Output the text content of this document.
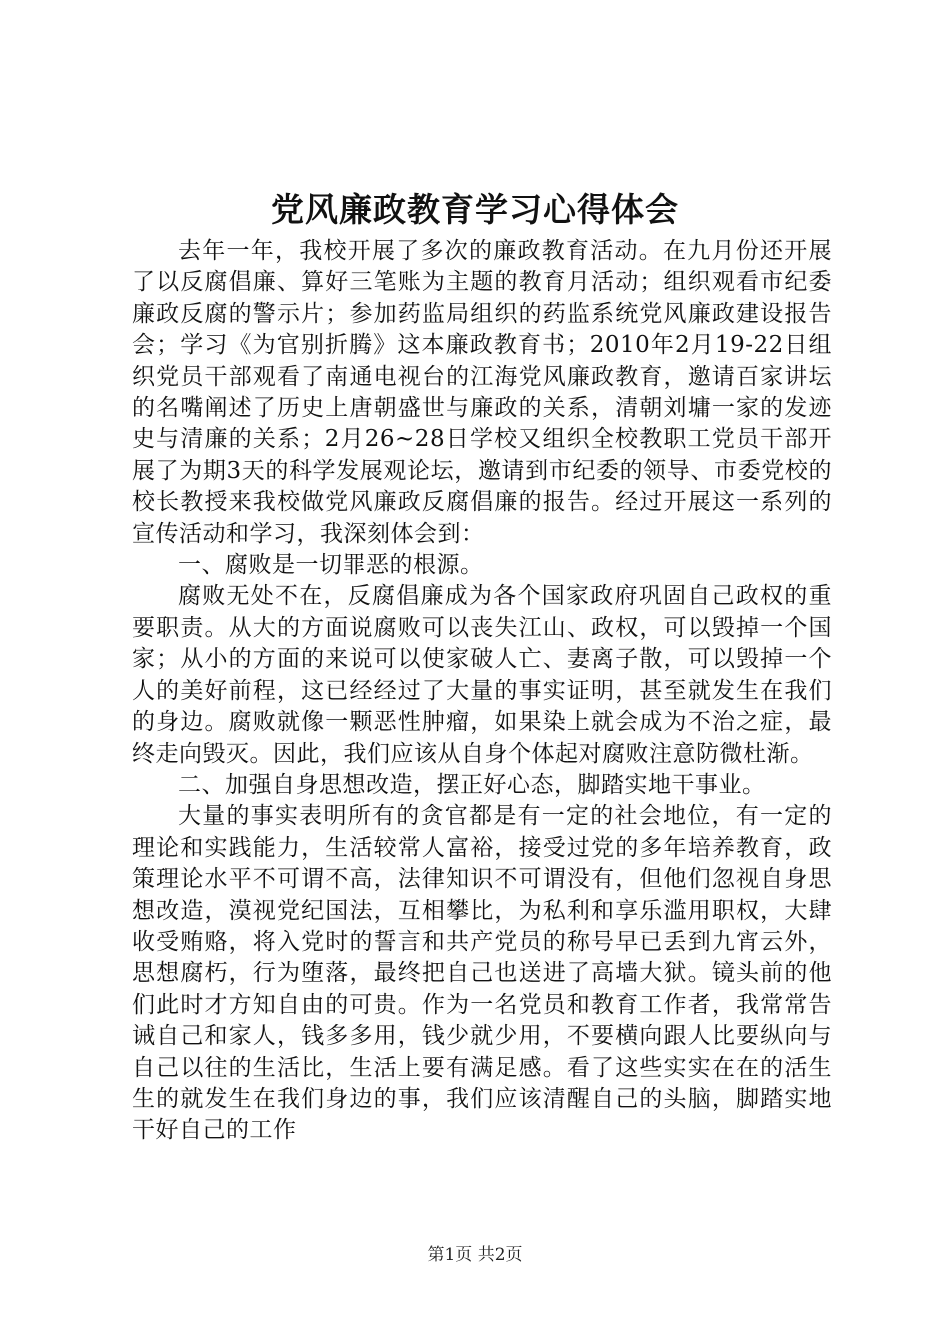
党风廉政教育学习心得体会

去年一年，我校开展了多次的廉政教育活动。在九月份还开展了以反腐倡廉、算好三笔账为主题的教育月活动；组织观看市纪委廉政反腐的警示片；参加药监局组织的药监系统党风廉政建设报告会；学习《为官别折腾》这本廉政教育书；2010年2月19-22日组织党员干部观看了南通电视台的江海党风廉政教育，邀请百家讲坛的名嘴阐述了历史上唐朝盛世与廉政的关系，清朝刘墉一家的发迹史与清廉的关系；2月26~28日学校又组织全校教职工党员干部开展了为期3天的科学发展观论坛，邀请到市纪委的领导、市委党校的校长教授来我校做党风廉政反腐倡廉的报告。经过开展这一系列的宣传活动和学习，我深刻体会到：

一、腐败是一切罪恶的根源。

腐败无处不在，反腐倡廉成为各个国家政府巩固自己政权的重要职责。从大的方面说腐败可以丧失江山、政权，可以毁掉一个国家；从小的方面的来说可以使家破人亡、妻离子散，可以毁掉一个人的美好前程，这已经经过了大量的事实证明，甚至就发生在我们的身边。腐败就像一颗恶性肿瘤，如果染上就会成为不治之症，最终走向毁灭。因此，我们应该从自身个体起对腐败注意防微杜渐。

二、加强自身思想改造，摆正好心态，脚踏实地干事业。

大量的事实表明所有的贪官都是有一定的社会地位，有一定的理论和实践能力，生活较常人富裕，接受过党的多年培养教育，政策理论水平不可谓不高，法律知识不可谓没有，但他们忽视自身思想改造，漠视党纪国法，互相攀比，为私利和享乐滥用职权，大肆收受贿赂，将入党时的誓言和共产党员的称号早已丢到九宵云外，思想腐朽，行为堕落，最终把自己也送进了高墙大狱。镜头前的他们此时才方知自由的可贵。作为一名党员和教育工作者，我常常告诫自己和家人，钱多多用，钱少就少用，不要横向跟人比要纵向与自己以往的生活比，生活上要有满足感。看了这些实实在在的活生生的就发生在我们身边的事，我们应该清醒自己的头脑，脚踏实地干好自己的工作

第1页 共2页
